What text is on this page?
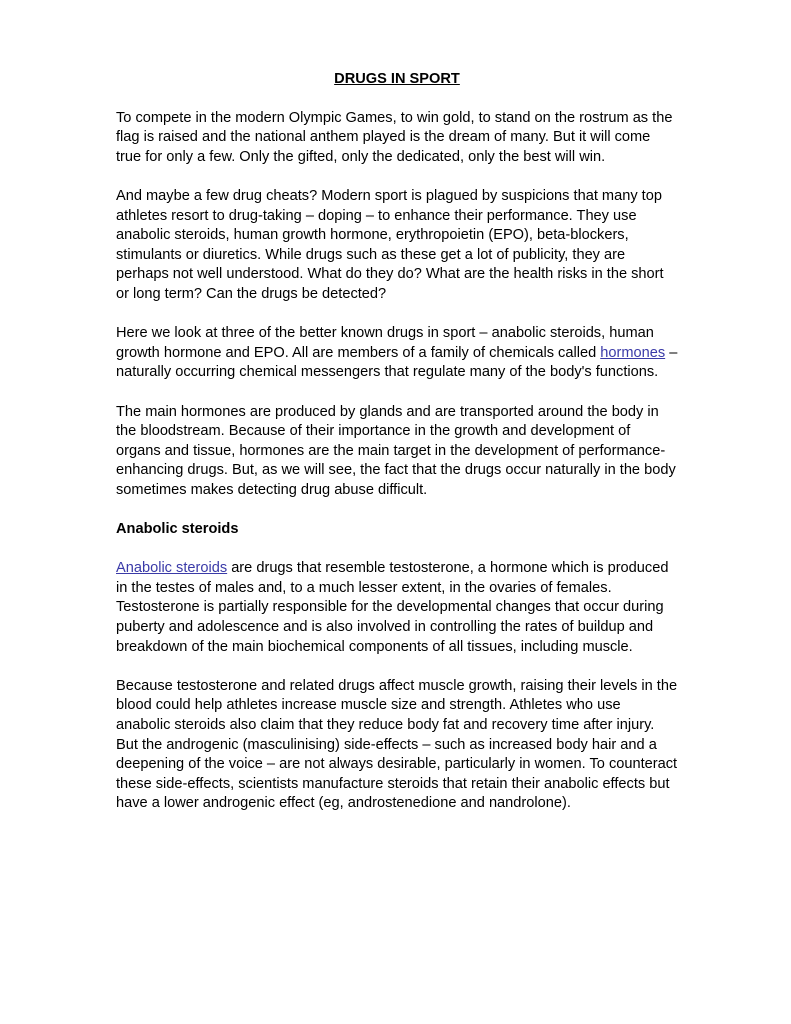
DRUGS IN SPORT

To compete in the modern Olympic Games, to win gold, to stand on the rostrum as the flag is raised and the national anthem played is the dream of many. But it will come true for only a few. Only the gifted, only the dedicated, only the best will win.

And maybe a few drug cheats? Modern sport is plagued by suspicions that many top athletes resort to drug-taking – doping – to enhance their performance. They use anabolic steroids, human growth hormone, erythropoietin (EPO), beta-blockers, stimulants or diuretics. While drugs such as these get a lot of publicity, they are perhaps not well understood. What do they do? What are the health risks in the short or long term? Can the drugs be detected?

Here we look at three of the better known drugs in sport – anabolic steroids, human growth hormone and EPO. All are members of a family of chemicals called hormones – naturally occurring chemical messengers that regulate many of the body's functions.

The main hormones are produced by glands and are transported around the body in the bloodstream. Because of their importance in the growth and development of organs and tissue, hormones are the main target in the development of performance-enhancing drugs. But, as we will see, the fact that the drugs occur naturally in the body sometimes makes detecting drug abuse difficult.

Anabolic steroids

Anabolic steroids are drugs that resemble testosterone, a hormone which is produced in the testes of males and, to a much lesser extent, in the ovaries of females. Testosterone is partially responsible for the developmental changes that occur during puberty and adolescence and is also involved in controlling the rates of buildup and breakdown of the main biochemical components of all tissues, including muscle.

Because testosterone and related drugs affect muscle growth, raising their levels in the blood could help athletes increase muscle size and strength. Athletes who use anabolic steroids also claim that they reduce body fat and recovery time after injury. But the androgenic (masculinising) side-effects – such as increased body hair and a deepening of the voice – are not always desirable, particularly in women. To counteract these side-effects, scientists manufacture steroids that retain their anabolic effects but have a lower androgenic effect (eg, androstenedione and nandrolone).
